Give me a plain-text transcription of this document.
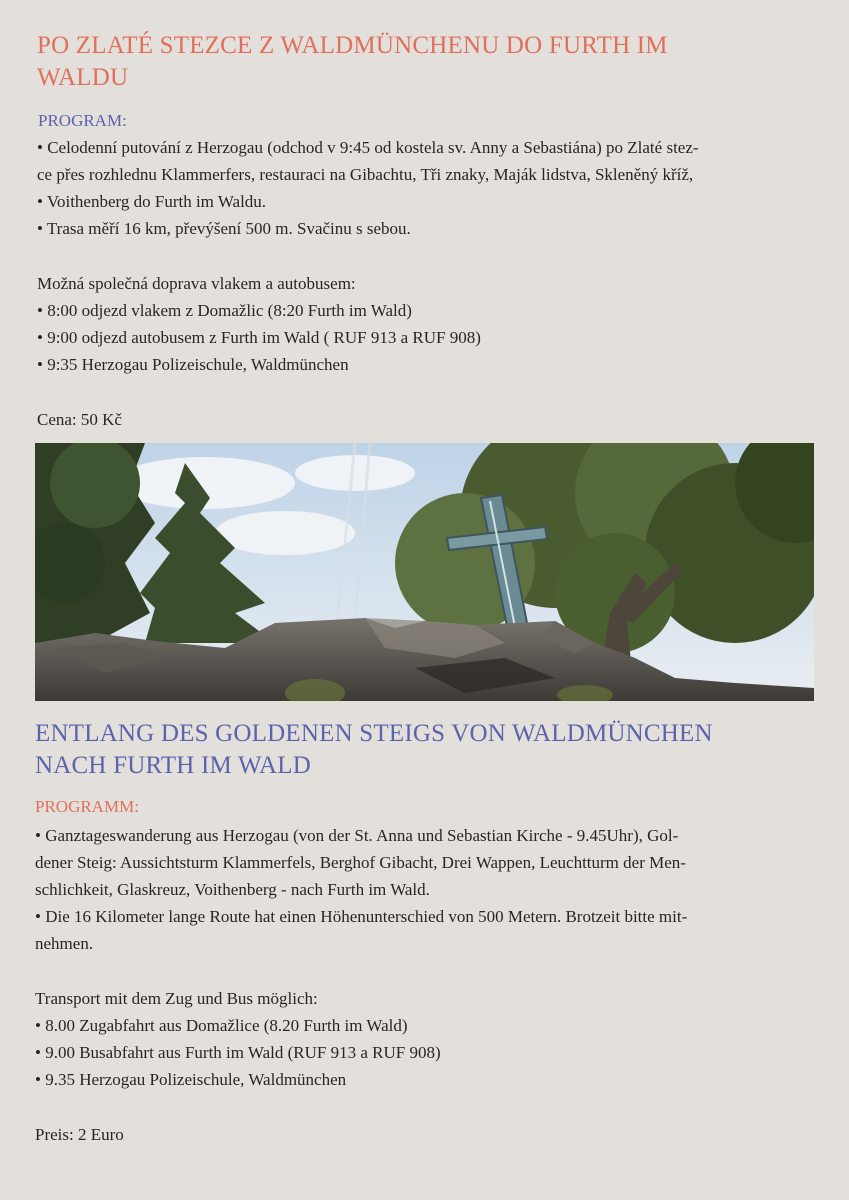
PO ZLATÉ STEZCE Z WALDMÜNCHENU DO FURTH IM
WALDU
PROGRAM:
• Celodenní putování z Herzogau (odchod v 9:45 od kostela sv. Anny a Sebastiána) po Zlaté stez-
ce přes rozhlednu Klammerfers, restauraci na Gibachtu, Tři znaky, Maják lidstva, Skleněný kříž,
• Voithenberg do Furth im Waldu.
• Trasa měří 16 km, převýšení 500 m. Svačinu s sebou.
Možná společná doprava vlakem a autobusem:
• 8:00 odjezd vlakem z Domažlic (8:20 Furth im Wald)
• 9:00 odjezd autobusem z Furth im Wald ( RUF 913 a RUF 908)
• 9:35 Herzogau Polizeischule, Waldmünchen
Cena: 50 Kč
ENTLANG DES GOLDENEN STEIGS VON WALDMÜNCHEN
NACH FURTH IM WALD
PROGRAMM:
• Ganztageswanderung aus Herzogau (von der St. Anna und Sebastian Kirche - 9.45Uhr), Gol-
dener Steig: Aussichtsturm Klammerfels, Berghof Gibacht, Drei Wappen, Leuchtturm der Men-
schlichkeit, Glaskreuz, Voithenberg - nach Furth im Wald.
• Die 16 Kilometer lange Route hat einen Höhenunterschied von 500 Metern. Brotzeit bitte mit-
nehmen.
Transport mit dem Zug und Bus möglich:
• 8.00 Zugabfahrt aus Domažlice (8.20 Furth im Wald)
• 9.00 Busabfahrt aus Furth im Wald (RUF 913 a RUF 908)
• 9.35 Herzogau Polizeischule, Waldmünchen
Preis: 2 Euro
